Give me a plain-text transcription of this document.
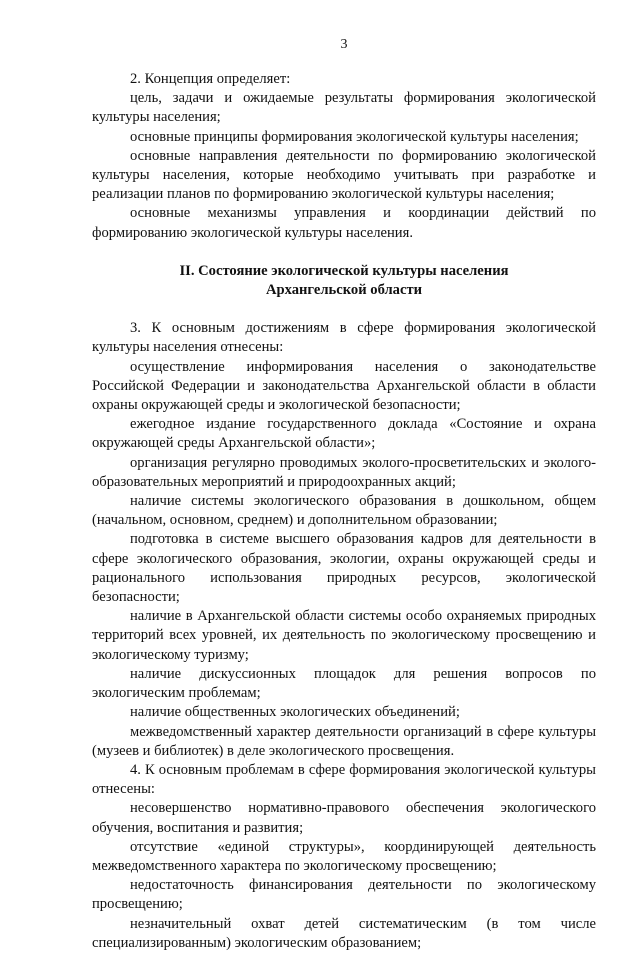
3

2. Концепция определяет:

цель, задачи и ожидаемые результаты формирования экологической культуры населения;

основные принципы формирования экологической культуры населения;

основные направления деятельности по формированию экологической культуры населения, которые необходимо учитывать при разработке и реализации планов по формированию экологической культуры населения;

основные механизмы управления и координации действий по формированию экологической культуры населения.

II. Состояние экологической культуры населения
Архангельской области

3. К основным достижениям в сфере формирования экологической культуры населения отнесены:

осуществление информирования населения о законодательстве Российской Федерации и законодательства Архангельской области в области охраны окружающей среды и экологической безопасности;

ежегодное издание государственного доклада «Состояние и охрана окружающей среды Архангельской области»;

организация регулярно проводимых эколого-просветительских и эколого-образовательных мероприятий и природоохранных акций;

наличие системы экологического образования в дошкольном, общем (начальном, основном, среднем) и дополнительном образовании;

подготовка в системе высшего образования кадров для деятельности в сфере экологического образования, экологии, охраны окружающей среды и рационального использования природных ресурсов, экологической безопасности;

наличие в Архангельской области системы особо охраняемых природных территорий всех уровней, их деятельность по экологическому просвещению и экологическому туризму;

наличие дискуссионных площадок для решения вопросов по экологическим проблемам;

наличие общественных экологических объединений;

межведомственный характер деятельности организаций в сфере культуры (музеев и библиотек) в деле экологического просвещения.

4. К основным проблемам в сфере формирования экологической культуры отнесены:

несовершенство нормативно-правового обеспечения экологического обучения, воспитания и развития;

отсутствие «единой структуры», координирующей деятельность межведомственного характера по экологическому просвещению;

недостаточность финансирования деятельности по экологическому просвещению;

незначительный охват детей систематическим (в том числе специализированным) экологическим образованием;
